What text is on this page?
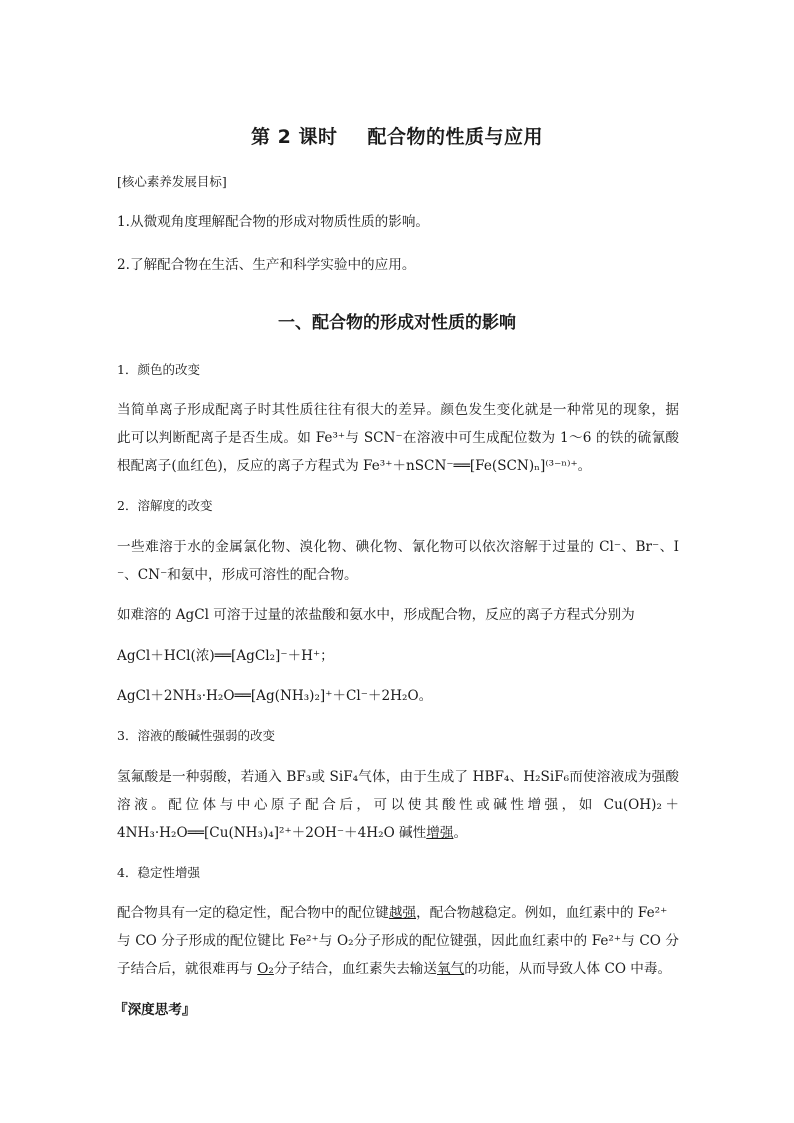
第 2 课时 配合物的性质与应用

[核心素养发展目标]

1.从微观角度理解配合物的形成对物质性质的影响。

2.了解配合物在生活、生产和科学实验中的应用。

一、配合物的形成对性质的影响

1．颜色的改变

当简单离子形成配离子时其性质往往有很大的差异。颜色发生变化就是一种常见的现象，据

此可以判断配离子是否生成。如 Fe³⁺与 SCN⁻在溶液中可生成配位数为 1～6 的铁的硫氰酸

根配离子(血红色)，反应的离子方程式为 Fe³⁺＋nSCN⁻══[Fe(SCN)ₙ]⁽³⁻ⁿ⁾⁺。

2．溶解度的改变

一些难溶于水的金属氯化物、溴化物、碘化物、氰化物可以依次溶解于过量的 Cl⁻、Br⁻、I

⁻、CN⁻和氨中，形成可溶性的配合物。

如难溶的 AgCl 可溶于过量的浓盐酸和氨水中，形成配合物，反应的离子方程式分别为

AgCl＋HCl(浓)══[AgCl₂]⁻＋H⁺；

AgCl＋2NH₃·H₂O══[Ag(NH₃)₂]⁺＋Cl⁻＋2H₂O。

3．溶液的酸碱性强弱的改变

氢氟酸是一种弱酸，若通入 BF₃或 SiF₄气体，由于生成了 HBF₄、H₂SiF₆而使溶液成为强酸

溶液。配位体与中心原子配合后，可以使其酸性或碱性增强，如 Cu(OH)₂＋

4NH₃·H₂O══[Cu(NH₃)₄]²⁺＋2OH⁻＋4H₂O 碱性增强。

4．稳定性增强

配合物具有一定的稳定性，配合物中的配位键越强，配合物越稳定。例如，血红素中的 Fe²⁺

与 CO 分子形成的配位键比 Fe²⁺与 O₂分子形成的配位键强，因此血红素中的 Fe²⁺与 CO 分

子结合后，就很难再与 O₂分子结合，血红素失去输送氧气的功能，从而导致人体 CO 中毒。

『深度思考』
